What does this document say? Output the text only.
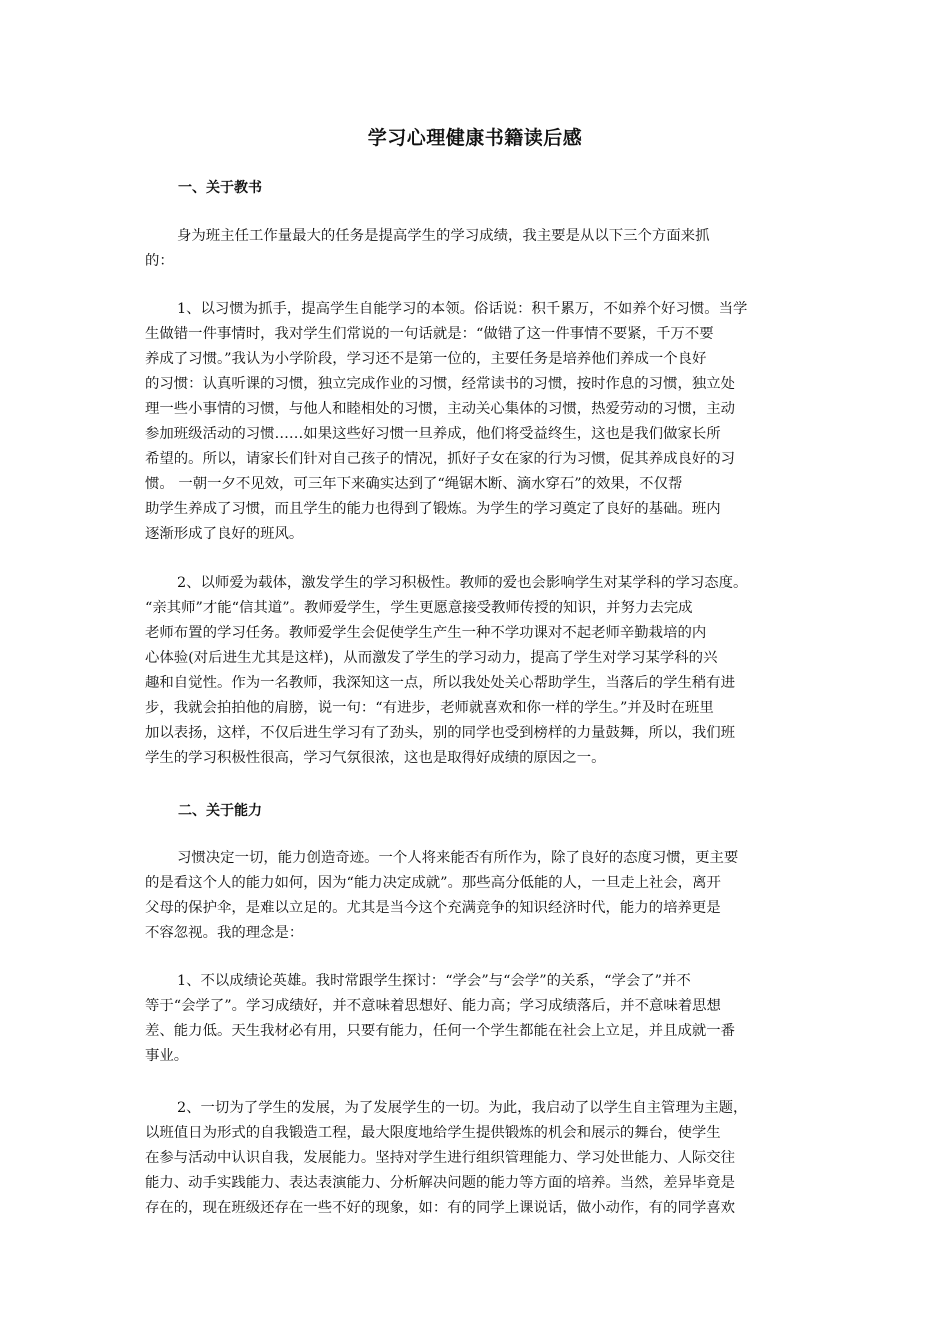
学习心理健康书籍读后感
一、关于教书
身为班主任工作量最大的任务是提高学生的学习成绩，我主要是从以下三个方面来抓
的：
1、以习惯为抓手，提高学生自能学习的本领。俗话说：积千累万，不如养个好习惯。当学
生做错一件事情时，我对学生们常说的一句话就是：“做错了这一件事情不要紧，千万不要
养成了习惯。”我认为小学阶段，学习还不是第一位的，主要任务是培养他们养成一个良好
的习惯：认真听课的习惯，独立完成作业的习惯，经常读书的习惯，按时作息的习惯，独立处
理一些小事情的习惯，与他人和睦相处的习惯，主动关心集体的习惯，热爱劳动的习惯，主动
参加班级活动的习惯……如果这些好习惯一旦养成，他们将受益终生，这也是我们做家长所
希望的。所以，请家长们针对自己孩子的情况，抓好子女在家的行为习惯，促其养成良好的习
惯。 一朝一夕不见效，可三年下来确实达到了“绳锯木断、滴水穿石”的效果，不仅帮
助学生养成了习惯，而且学生的能力也得到了锻炼。为学生的学习奠定了良好的基础。班内
逐渐形成了良好的班风。
2、以师爱为载体，激发学生的学习积极性。教师的爱也会影响学生对某学科的学习态度。
“亲其师”才能“信其道”。教师爱学生，学生更愿意接受教师传授的知识，并努力去完成
老师布置的学习任务。教师爱学生会促使学生产生一种不学功课对不起老师辛勤栽培的内
心体验(对后进生尤其是这样)，从而激发了学生的学习动力，提高了学生对学习某学科的兴
趣和自觉性。作为一名教师，我深知这一点，所以我处处关心帮助学生，当落后的学生稍有进
步，我就会拍拍他的肩膀，说一句：“有进步，老师就喜欢和你一样的学生。”并及时在班里
加以表扬，这样，不仅后进生学习有了劲头，别的同学也受到榜样的力量鼓舞，所以，我们班
学生的学习积极性很高，学习气氛很浓，这也是取得好成绩的原因之一。
二、关于能力
习惯决定一切，能力创造奇迹。一个人将来能否有所作为，除了良好的态度习惯，更主要
的是看这个人的能力如何，因为“能力决定成就”。那些高分低能的人，一旦走上社会，离开
父母的保护伞，是难以立足的。尤其是当今这个充满竞争的知识经济时代，能力的培养更是
不容忽视。我的理念是：
1、不以成绩论英雄。我时常跟学生探讨：“学会”与“会学”的关系，“学会了”并不
等于“会学了”。学习成绩好，并不意味着思想好、能力高；学习成绩落后，并不意味着思想
差、能力低。天生我材必有用，只要有能力，任何一个学生都能在社会上立足，并且成就一番
事业。
2、一切为了学生的发展，为了发展学生的一切。为此，我启动了以学生自主管理为主题，
以班值日为形式的自我锻造工程，最大限度地给学生提供锻炼的机会和展示的舞台，使学生
在参与活动中认识自我，发展能力。坚持对学生进行组织管理能力、学习处世能力、人际交往
能力、动手实践能力、表达表演能力、分析解决问题的能力等方面的培养。当然，差异毕竟是
存在的，现在班级还存在一些不好的现象，如：有的同学上课说话，做小动作，有的同学喜欢
